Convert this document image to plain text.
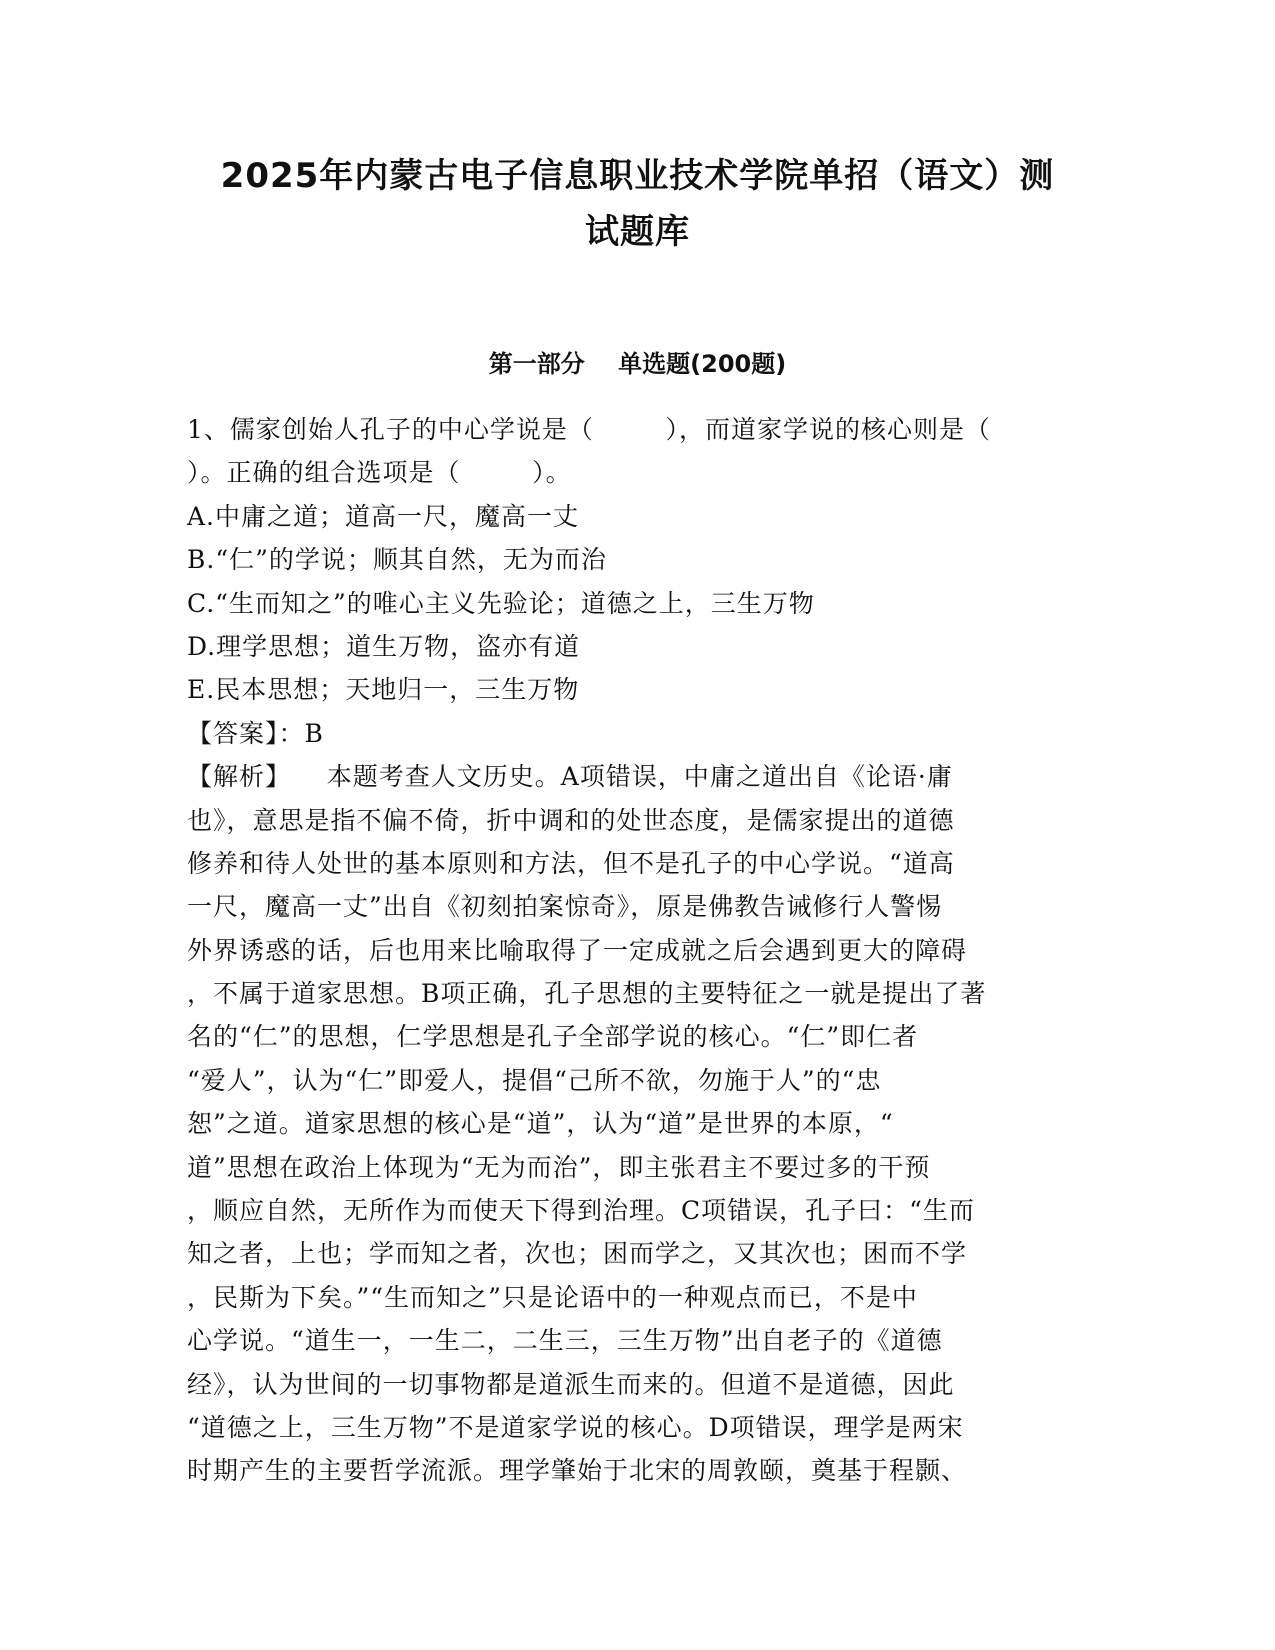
2025年内蒙古电子信息职业技术学院单招（语文）测
试题库
第一部分    单选题(200题)
1、儒家创始人孔子的中心学说是（        ），而道家学说的核心则是（
）。正确的组合选项是（        ）。
A.中庸之道；道高一尺，魔高一丈
B.“仁”的学说；顺其自然，无为而治
C.“生而知之”的唯心主义先验论；道德之上，三生万物
D.理学思想；道生万物，盗亦有道
E.民本思想；天地归一，三生万物
【答案】：B
【解析】    本题考查人文历史。A项错误，中庸之道出自《论语·庸
也》，意思是指不偏不倚，折中调和的处世态度，是儒家提出的道德
修养和待人处世的基本原则和方法，但不是孔子的中心学说。“道高
一尺，魔高一丈”出自《初刻拍案惊奇》，原是佛教告诫修行人警惕
外界诱惑的话，后也用来比喻取得了一定成就之后会遇到更大的障碍
，不属于道家思想。B项正确，孔子思想的主要特征之一就是提出了著
名的“仁”的思想，仁学思想是孔子全部学说的核心。“仁”即仁者
“爱人”，认为“仁”即爱人，提倡“己所不欲，勿施于人”的“忠
恕”之道。道家思想的核心是“道”，认为“道”是世界的本原，“
道”思想在政治上体现为“无为而治”，即主张君主不要过多的干预
，顺应自然，无所作为而使天下得到治理。C项错误，孔子曰：“生而
知之者，上也；学而知之者，次也；困而学之，又其次也；困而不学
，民斯为下矣。”“生而知之”只是论语中的一种观点而已，不是中
心学说。“道生一，一生二，二生三，三生万物”出自老子的《道德
经》，认为世间的一切事物都是道派生而来的。但道不是道德，因此
“道德之上，三生万物”不是道家学说的核心。D项错误，理学是两宋
时期产生的主要哲学流派。理学肇始于北宋的周敦颐，奠基于程颢、
